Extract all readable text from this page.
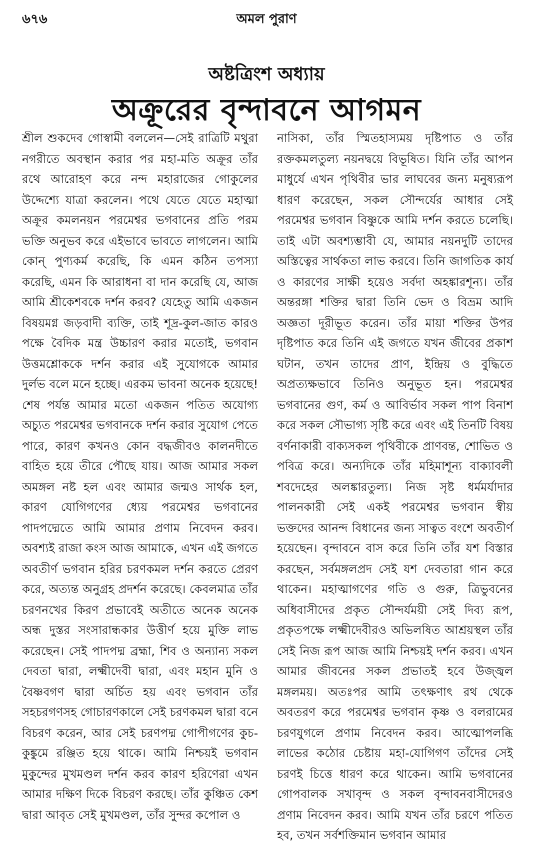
৬৭৬	অমল পুরাণ
অষ্টত্রিংশ অধ্যায়
অক্রূরের বৃন্দাবনে আগমন

শ্রীল শুকদেব গোস্বামী বললেন—সেই রাত্রিটি মথুরা নগরীতে অবস্থান করার পর মহা-মতি অক্রূর তাঁর রথে আরোহণ করে নন্দ মহারাজের গোকুলের উদ্দেশ্যে যাত্রা করলেন। পথে যেতে যেতে মহাত্মা অক্রূর কমলনয়ন পরমেশ্বর ভগবানের প্রতি পরম ভক্তি অনুভব করে এইভাবে ভাবতে লাগলেন। আমি কোন্ পুণ্যকর্ম করেছি, কি এমন কঠিন তপস্যা করেছি, এমন কি আরাধনা বা দান করেছি যে, আজ আমি শ্রীকেশবকে দর্শন করব? যেহেতু আমি একজন বিষয়মগ্ন জড়বাদী ব্যক্তি, তাই শূদ্র-কুল-জাত কারও পক্ষে বৈদিক মন্ত্র উচ্চারণ করার মতোই, ভগবান উত্তমশ্লোককে দর্শন করার এই সুযোগকে আমার দুর্লভ বলে মনে হচ্ছে। এরকম ভাবনা অনেক হয়েছে! শেষ পর্যন্ত আমার মতো একজন পতিত অযোগ্য অচ্যুত পরমেশ্বর ভগবানকে দর্শন করার সুযোগ পেতে পারে, কারণ কখনও কোন বদ্ধজীবও কালনদীতে বাহিত হয়ে তীরে পৌছে যায়। আজ আমার সকল অমঙ্গল নষ্ট হল এবং আমার জন্মও সার্থক হল, কারণ যোগিগণের ধ্যেয় পরমেশ্বর ভগবানের পাদপদ্মেতে আমি আমার প্রণাম নিবেদন করব। অবশ্যই রাজা কংস আজ আমাকে, এখন এই জগতে অবতীর্ণ ভগবান হরির চরণকমল দর্শন করতে প্রেরণ করে, অত্যন্ত অনুগ্রহ প্রদর্শন করেছে। কেবলমাত্র তাঁর চরণনখের কিরণ প্রভাবেই অতীতে অনেক অনেক অন্ধ দুস্তর সংসারান্ধকার উত্তীর্ণ হয়ে মুক্তি লাভ করেছেন। সেই পাদপদ্ম ব্রহ্মা, শিব ও অন্যান্য সকল দেবতা দ্বারা, লক্ষ্মীদেবী দ্বারা, এবং মহান মুনি ও বৈষ্ণবগণ দ্বারা অর্চিত হয় এবং ভগবান তাঁর সহচরগণসহ গোচারণকালে সেই চরণকমল দ্বারা বনে বিচরণ করেন, আর সেই চরণপদ্ম গোপীগণের কুচ-কুঙ্কুমে রঞ্জিত হয়ে থাকে। আমি নিশ্চয়ই ভগবান মুকুন্দের মুখমণ্ডল দর্শন করব কারণ হরিণেরা এখন আমার দক্ষিণ দিকে বিচরণ করছে। তাঁর কুঞ্চিত কেশ দ্বারা আবৃত সেই মুখমণ্ডল, তাঁর সুন্দর কপোল ও

নাসিকা, তাঁর স্মিতহাস্যময় দৃষ্টিপাত ও তাঁর রক্তকমলতুল্য নয়নদ্বয়ে বিভূষিত। যিনি তাঁর আপন মাধুর্যে এখন পৃথিবীর ভার লাঘবের জন্য মনুষ্যরূপ ধারণ করেছেন, সকল সৌন্দর্যের আধার সেই পরমেশ্বর ভগবান বিষ্ণুকে আমি দর্শন করতে চলেছি। তাই এটা অবশ্যম্ভাবী যে, আমার নয়নদুটি তাদের অস্তিত্বের সার্থকতা লাভ করবে। তিনি জাগতিক কার্য ও কারণের সাক্ষী হয়েও সর্বদা অহঙ্কারশূন্য। তাঁর অন্তরঙ্গা শক্তির দ্বারা তিনি ভেদ ও বিভ্রম আদি অজ্ঞতা দূরীভূত করেন। তাঁর মায়া শক্তির উপর দৃষ্টিপাত করে তিনি এই জগতে যখন জীবের প্রকাশ ঘটান, তখন তাদের প্রাণ, ইন্দ্রিয় ও বুদ্ধিতে অপ্রত্যক্ষভাবে তিনিও অনুভূত হন। পরমেশ্বর ভগবানের গুণ, কর্ম ও আবির্ভাব সকল পাপ বিনাশ করে সকল সৌভাগ্য সৃষ্টি করে এবং এই তিনটি বিষয় বর্ণনাকারী বাক্যসকল পৃথিবীকে প্রাণবন্ত, শোভিত ও পবিত্র করে। অন্যদিকে তাঁর মহিমাশূন্য বাক্যাবলী শবদেহের অলঙ্কারতুল্য। নিজ সৃষ্ট ধর্মমর্যাদার পালনকারী সেই একই পরমেশ্বর ভগবান স্বীয় ভক্তদের আনন্দ বিধানের জন্য সাত্বত বংশে অবতীর্ণ হয়েছেন। বৃন্দাবনে বাস করে তিনি তাঁর যশ বিস্তার করছেন, সর্বমঙ্গলপ্রদ সেই যশ দেবতারা গান করে থাকেন। মহাত্মাগণের গতি ও গুরু, ত্রিভুবনের অধিবাসীদের প্রকৃত সৌন্দর্যময়ী সেই দিব্য রূপ, প্রকৃতপক্ষে লক্ষ্মীদেবীরও অভিলষিত আশ্রয়স্থল তাঁর সেই নিজ রূপ আজ আমি নিশ্চয়ই দর্শন করব। এখন আমার জীবনের সকল প্রভাতই হবে উজ্জ্বল মঙ্গলময়। অতঃপর আমি তৎক্ষণাৎ রথ থেকে অবতরণ করে পরমেশ্বর ভগবান কৃষ্ণ ও বলরামের চরণযুগলে প্রণাম নিবেদন করব। আত্মোপলব্ধি লাভের কঠোর চেষ্টায় মহা-যোগিগণ তাঁদের সেই চরণই চিত্তে ধারণ করে থাকেন। আমি ভগবানের গোপবালক সখাবৃন্দ ও সকল বৃন্দাবনবাসীদেরও প্রণাম নিবেদন করব। আমি যখন তাঁর চরণে পতিত হব, তখন সর্বশক্তিমান ভগবান আমার
